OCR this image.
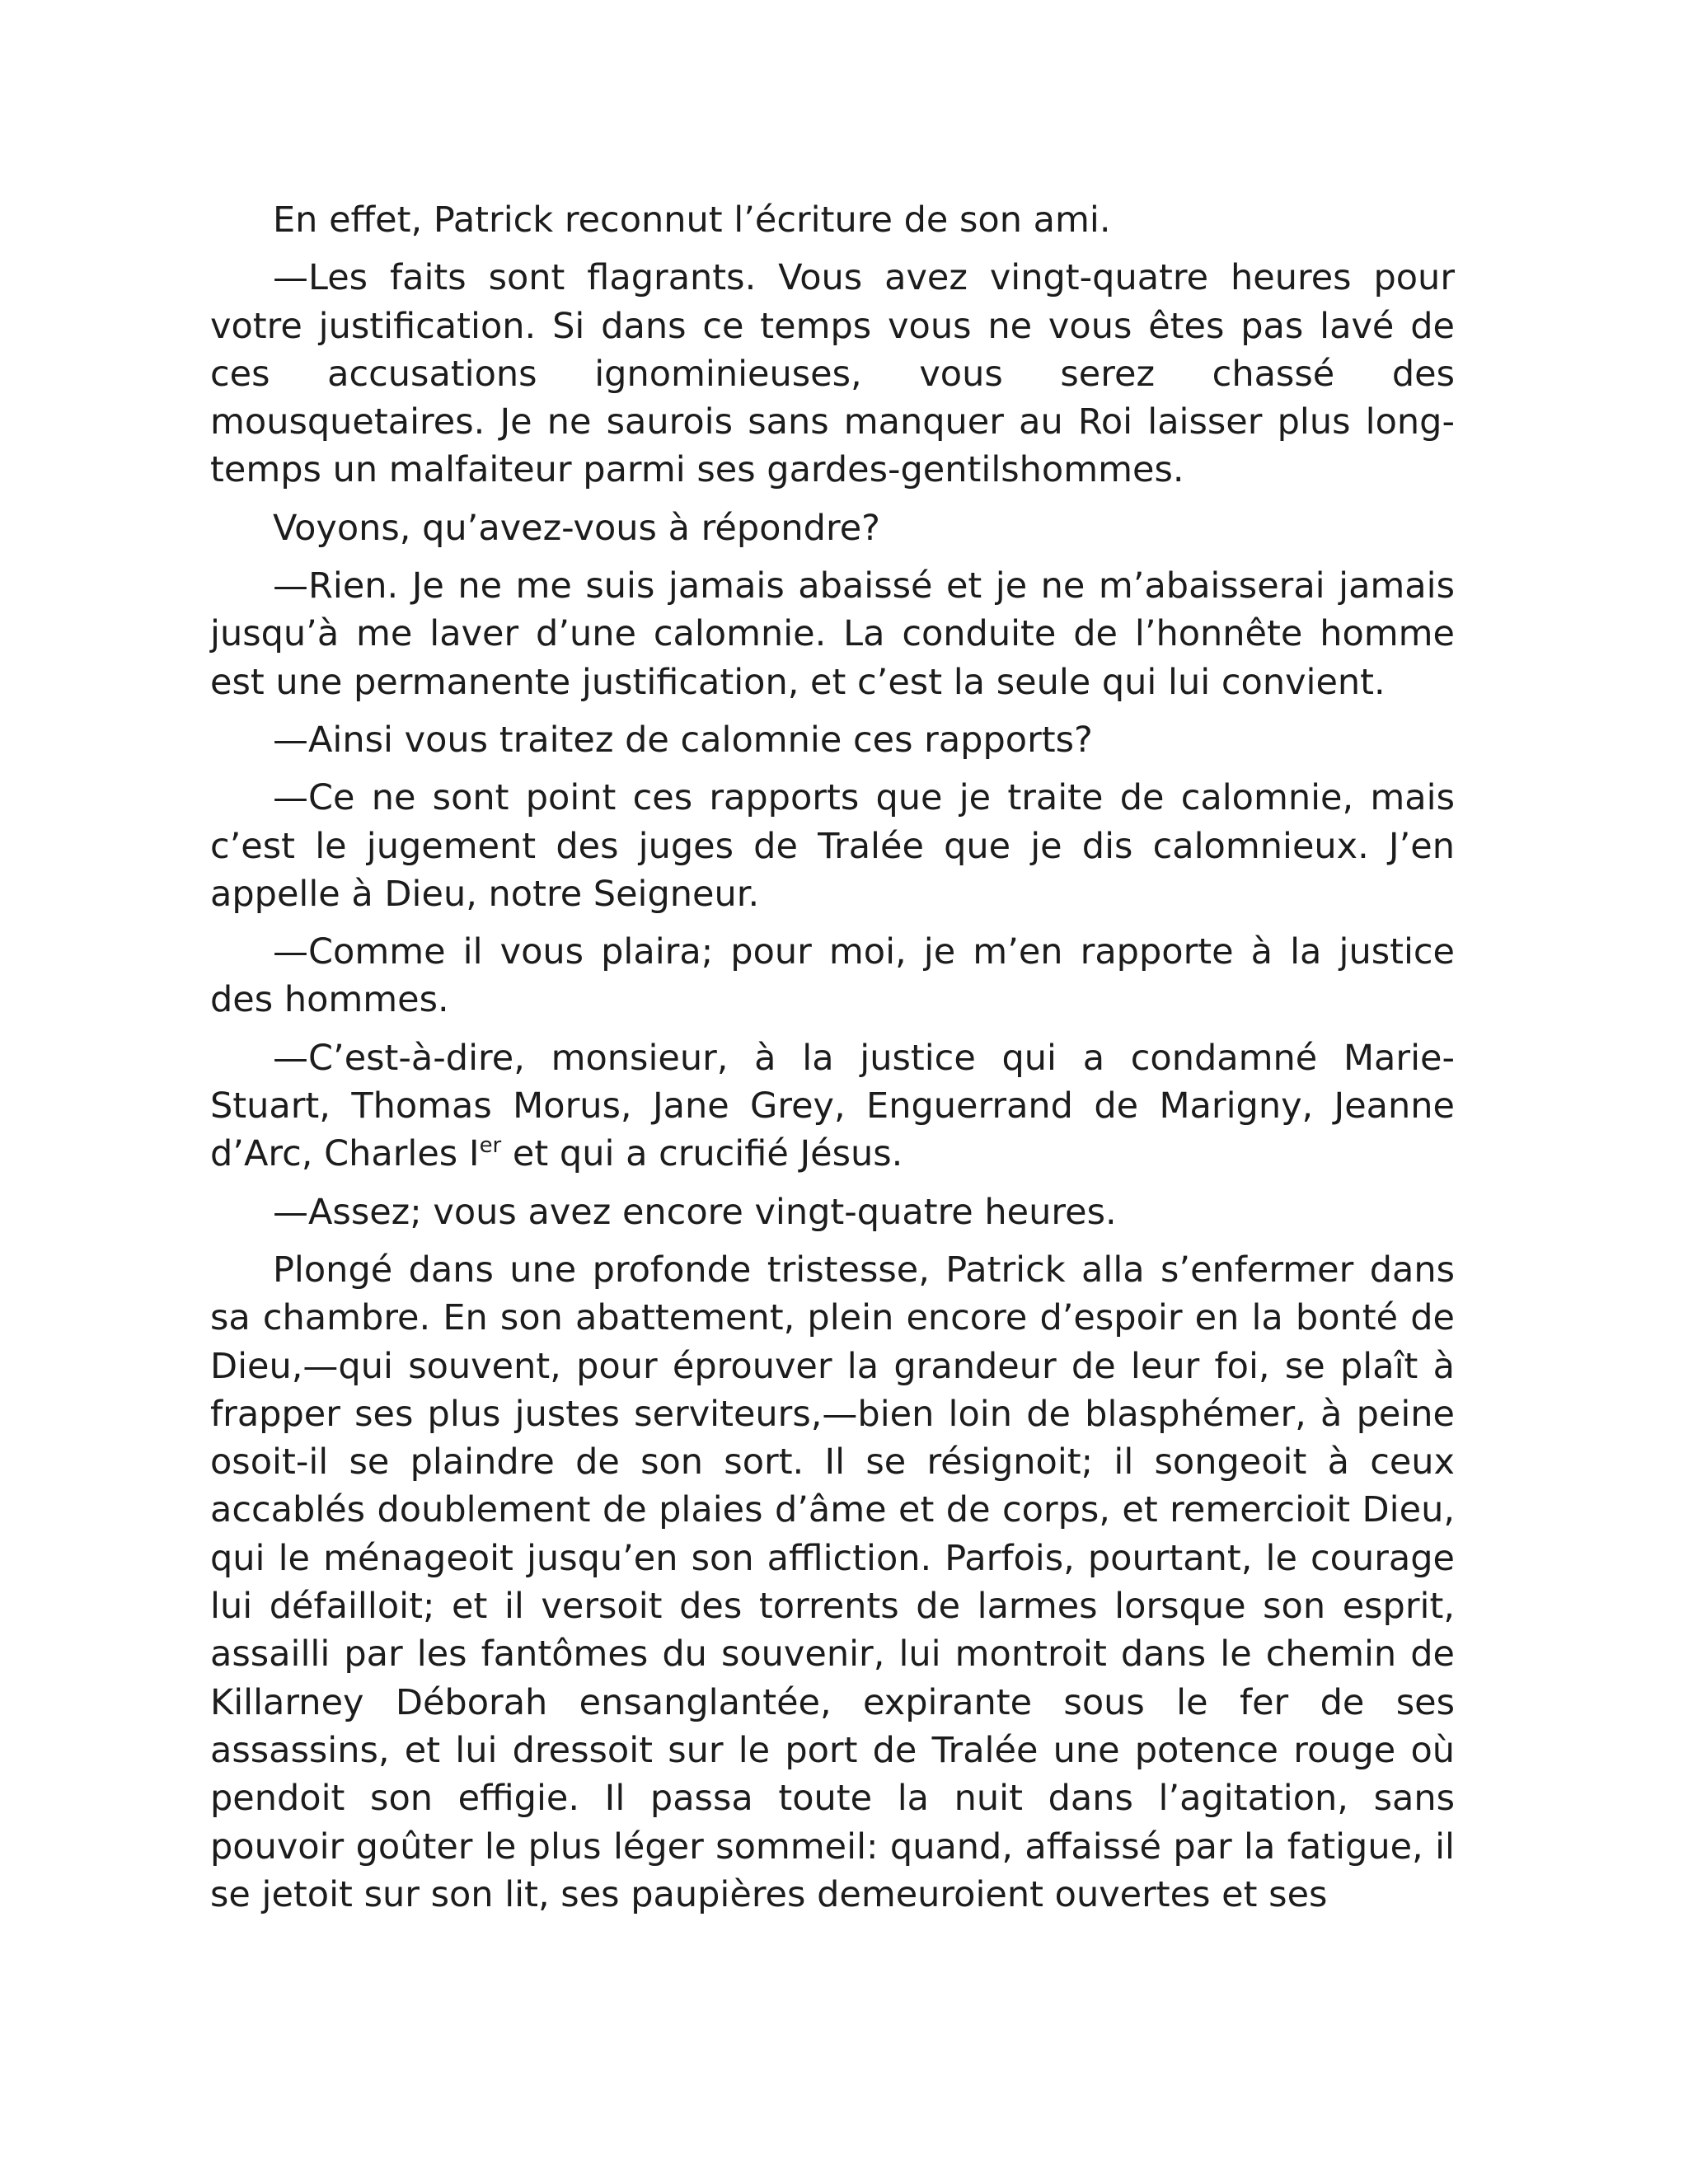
En effet, Patrick reconnut l’écriture de son ami.

—Les faits sont flagrants. Vous avez vingt-quatre heures pour votre justification. Si dans ce temps vous ne vous êtes pas lavé de ces accusations ignominieuses, vous serez chassé des mousquetaires. Je ne saurois sans manquer au Roi laisser plus long-temps un malfaiteur parmi ses gardes-gentilshommes.

Voyons, qu’avez-vous à répondre?

—Rien. Je ne me suis jamais abaissé et je ne m’abaisserai jamais jusqu’à me laver d’une calomnie. La conduite de l’honnête homme est une permanente justification, et c’est la seule qui lui convient.

—Ainsi vous traitez de calomnie ces rapports?

—Ce ne sont point ces rapports que je traite de calomnie, mais c’est le jugement des juges de Tralée que je dis calomnieux. J’en appelle à Dieu, notre Seigneur.

—Comme il vous plaira; pour moi, je m’en rapporte à la justice des hommes.

—C’est-à-dire, monsieur, à la justice qui a condamné Marie-Stuart, Thomas Morus, Jane Grey, Enguerrand de Marigny, Jeanne d’Arc, Charles Ier et qui a crucifié Jésus.

—Assez; vous avez encore vingt-quatre heures.

Plongé dans une profonde tristesse, Patrick alla s’enfermer dans sa chambre. En son abattement, plein encore d’espoir en la bonté de Dieu,—qui souvent, pour éprouver la grandeur de leur foi, se plaît à frapper ses plus justes serviteurs,—bien loin de blasphémer, à peine osoit-il se plaindre de son sort. Il se résignoit; il songeoit à ceux accablés doublement de plaies d’âme et de corps, et remercioit Dieu, qui le ménageoit jusqu’en son affliction. Parfois, pourtant, le courage lui défailloit; et il versoit des torrents de larmes lorsque son esprit, assailli par les fantômes du souvenir, lui montroit dans le chemin de Killarney Déborah ensanglantée, expirante sous le fer de ses assassins, et lui dressoit sur le port de Tralée une potence rouge où pendoit son effigie. Il passa toute la nuit dans l’agitation, sans pouvoir goûter le plus léger sommeil: quand, affaissé par la fatigue, il se jetoit sur son lit, ses paupières demeuroient ouvertes et ses
